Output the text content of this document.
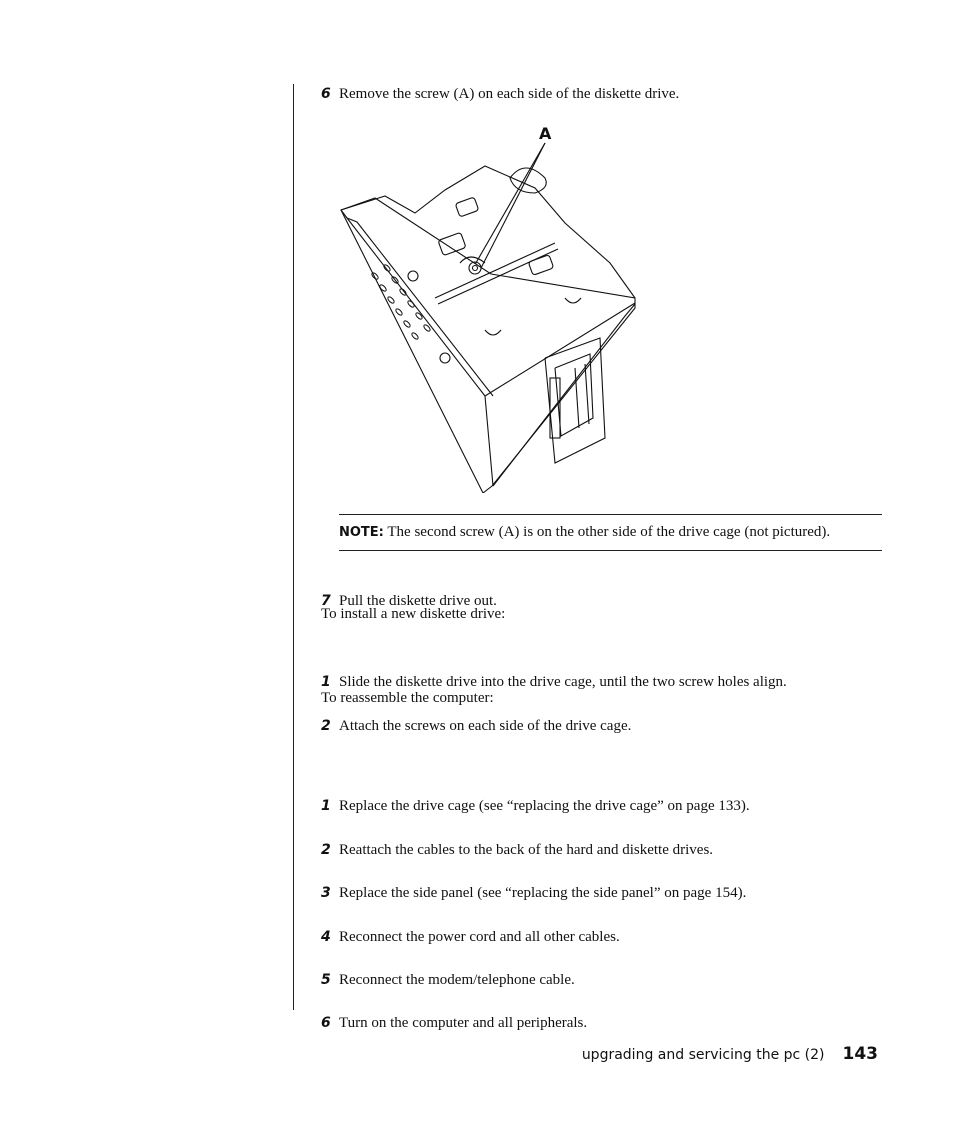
6 Remove the screw (A) on each side of the diskette drive.
A
NOTE: The second screw (A) is on the other side of the drive cage (not pictured).
7 Pull the diskette drive out.
To install a new diskette drive:
1 Slide the diskette drive into the drive cage, until the two screw holes align.
2 Attach the screws on each side of the drive cage.
To reassemble the computer:
1 Replace the drive cage (see “replacing the drive cage” on page 133).
2 Reattach the cables to the back of the hard and diskette drives.
3 Replace the side panel (see “replacing the side panel” on page 154).
4 Reconnect the power cord and all other cables.
5 Reconnect the modem/telephone cable.
6 Turn on the computer and all peripherals.
upgrading and servicing the pc (2) 143
